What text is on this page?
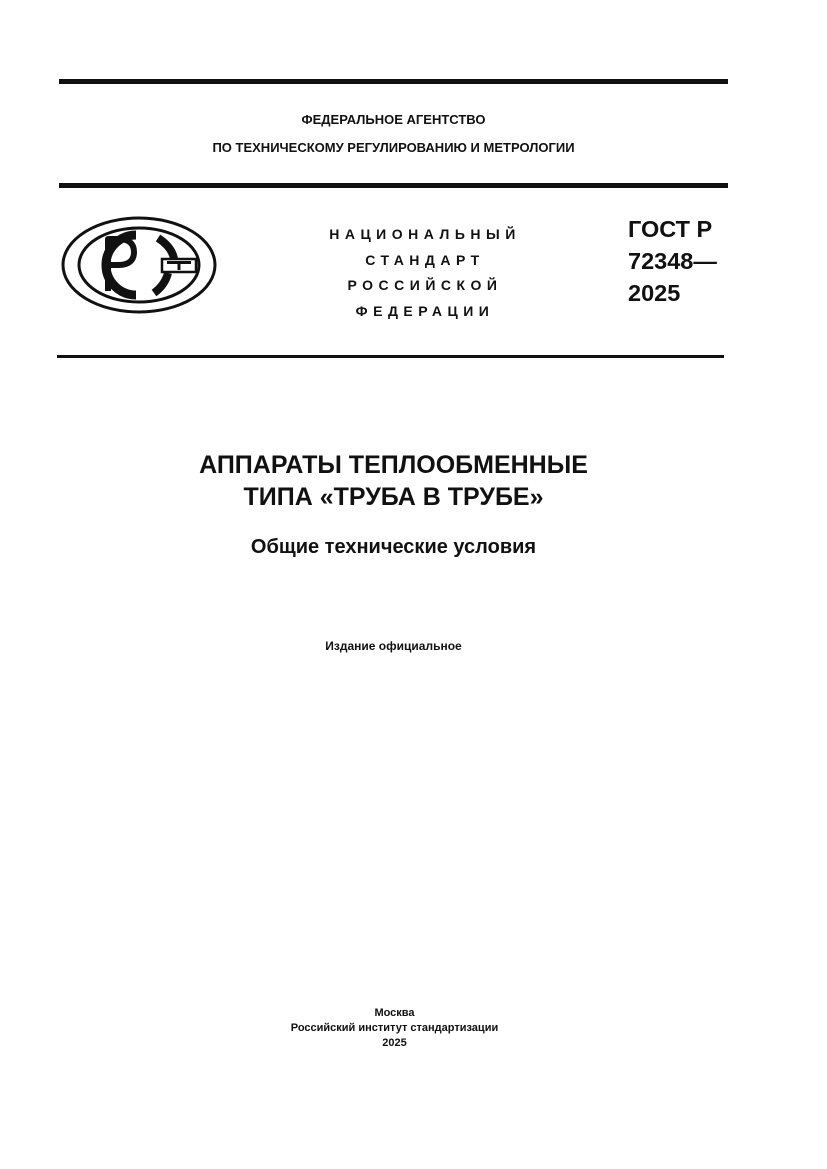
ФЕДЕРАЛЬНОЕ АГЕНТСТВО
ПО ТЕХНИЧЕСКОМУ РЕГУЛИРОВАНИЮ И МЕТРОЛОГИИ
НАЦИОНАЛЬНЫЙ
СТАНДАРТ
РОССИЙСКОЙ
ФЕДЕРАЦИИ
ГОСТ Р
72348—
2025
АППАРАТЫ ТЕПЛООБМЕННЫЕ
ТИПА «ТРУБА В ТРУБЕ»
Общие технические условия
Издание официальное
Москва
Российский институт стандартизации
2025
